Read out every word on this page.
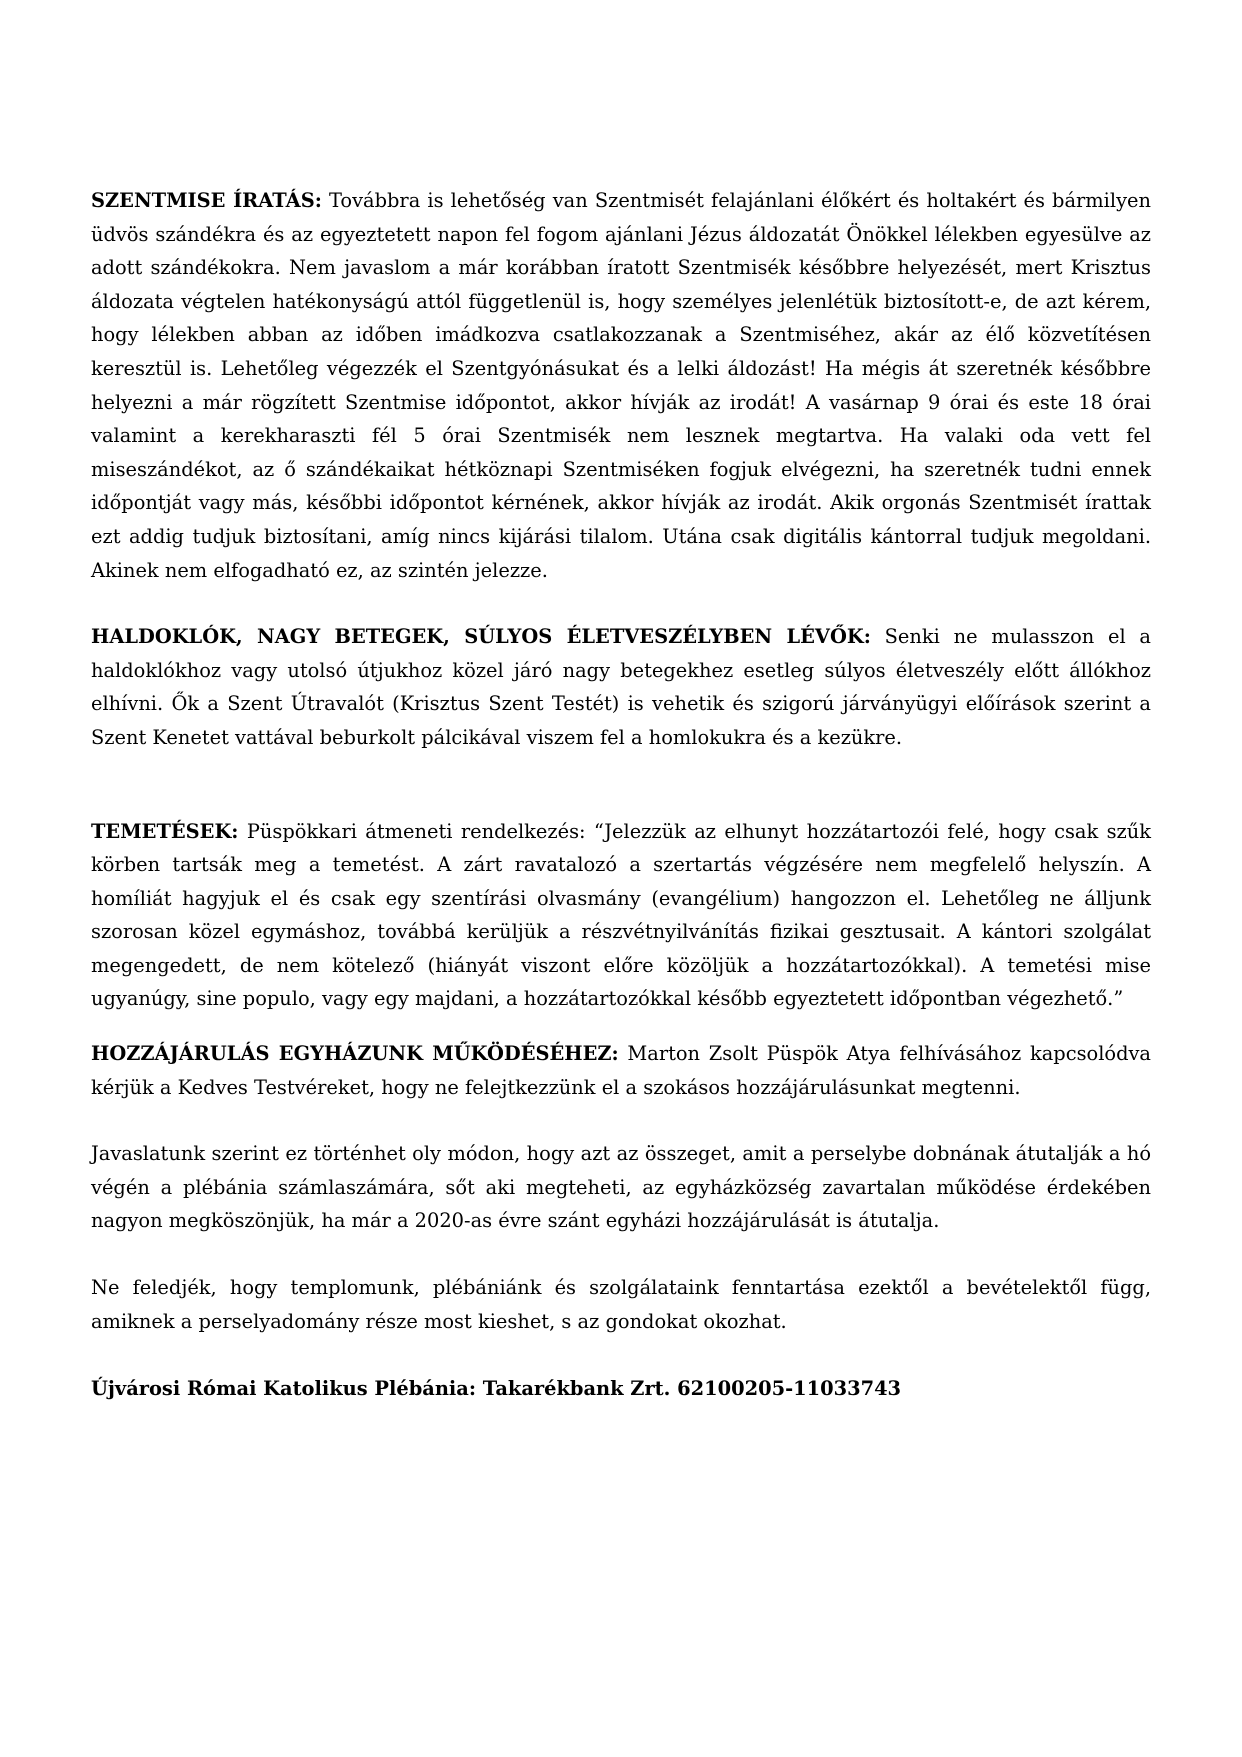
SZENTMISE ÍRATÁS: Továbbra is lehetőség van Szentmisét felajánlani élőkért és holtakért és bármilyen üdvös szándékra és az egyeztetett napon fel fogom ajánlani Jézus áldozatát Önökkel lélekben egyesülve az adott szándékokra. Nem javaslom a már korábban íratott Szentmisék későbbre helyezését, mert Krisztus áldozata végtelen hatékonyságú attól függetlenül is, hogy személyes jelenlétük biztosított-e, de azt kérem, hogy lélekben abban az időben imádkozva csatlakozzanak a Szentmiséhez, akár az élő közvetítésen keresztül is. Lehetőleg végezzék el Szentgyónásukat és a lelki áldozást! Ha mégis át szeretnék későbbre helyezni a már rögzített Szentmise időpontot, akkor hívják az irodát! A vasárnap 9 órai és este 18 órai valamint a kerekharaszti fél 5 órai Szentmisék nem lesznek megtartva. Ha valaki oda vett fel miseszándékot, az ő szándékaikat hétköznapi Szentmiséken fogjuk elvégezni, ha szeretnék tudni ennek időpontját vagy más, későbbi időpontot kérnének, akkor hívják az irodát. Akik orgonás Szentmisét írattak ezt addig tudjuk biztosítani, amíg nincs kijárási tilalom. Utána csak digitális kántorral tudjuk megoldani. Akinek nem elfogadható ez, az szintén jelezze.

HALDOKLÓK, NAGY BETEGEK, SÚLYOS ÉLETVESZÉLYBEN LÉVŐK: Senki ne mulasszon el a haldoklókhoz vagy utolsó útjukhoz közel járó nagy betegekhez esetleg súlyos életveszély előtt állókhoz elhívni. Ők a Szent Útravalót (Krisztus Szent Testét) is vehetik és szigorú járványügyi előírások szerint a Szent Kenetet vattával beburkolt pálcikával viszem fel a homlokukra és a kezükre.

TEMETÉSEK: Püspökkari átmeneti rendelkezés: “Jelezzük az elhunyt hozzátartozói felé, hogy csak szűk körben tartsák meg a temetést. A zárt ravatalozó a szertartás végzésére nem megfelelő helyszín. A homíliát hagyjuk el és csak egy szentírási olvasmány (evangélium) hangozzon el. Lehetőleg ne álljunk szorosan közel egymáshoz, továbbá kerüljük a részvétnyilvánítás fizikai gesztusait. A kántori szolgálat megengedett, de nem kötelező (hiányát viszont előre közöljük a hozzátartozókkal). A temetési mise ugyanúgy, sine populo, vagy egy majdani, a hozzátartozókkal később egyeztetett időpontban végezhető.”

HOZZÁJÁRULÁS EGYHÁZUNK MŰKÖDÉSÉHEZ: Marton Zsolt Püspök Atya felhívásához kapcsolódva kérjük a Kedves Testvéreket, hogy ne felejtkezzünk el a szokásos hozzájárulásunkat megtenni.

Javaslatunk szerint ez történhet oly módon, hogy azt az összeget, amit a perselybe dobnának átutalják a hó végén a plébánia számlaszámára, sőt aki megteheti, az egyházközség zavartalan működése érdekében nagyon megköszönjük, ha már a 2020-as évre szánt egyházi hozzájárulását is átutalja.

Ne feledjék, hogy templomunk, plébániánk és szolgálataink fenntartása ezektől a bevételektől függ, amiknek a perselyadomány része most kieshet, s az gondokat okozhat.

Újvárosi Római Katolikus Plébánia: Takarékbank Zrt. 62100205-11033743
